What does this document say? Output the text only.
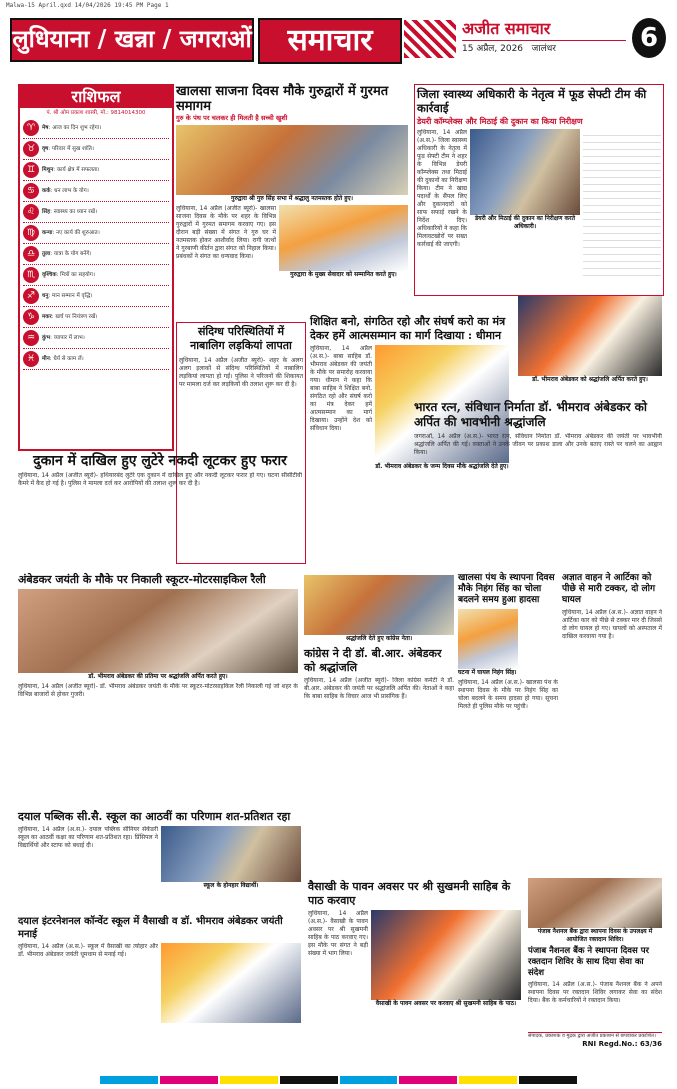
Malwa-15 April.qxd 14/04/2026 19:45 PM Page 1
लुधियाना / खन्ना / जगराओं	समाचार	अजीत समाचार
15 अप्रैल, 2026 जालंधर	6
राशिफल
पं. श्री ओम प्रकाश शास्त्री, मो.: 9814014300
♈	मेष: आज का दिन शुभ रहेगा।
♉	वृष: परिवार में सुख शांति।
♊	मिथुन: कार्य क्षेत्र में सफलता।
♋	कर्क: धन लाभ के योग।
♌	सिंह: स्वास्थ्य का ध्यान रखें।
♍	कन्या: नए कार्य की शुरुआत।
♎	तुला: यात्रा के योग बनेंगे।
♏	वृश्चिक: मित्रों का सहयोग।
♐	धनु: मान सम्मान में वृद्धि।
♑	मकर: खर्च पर नियंत्रण रखें।
♒	कुंभ: व्यापार में लाभ।
♓	मीन: धैर्य से काम लें।
खालसा साजना दिवस मौके गुरुद्वारों में गुरमत समागम
गुरु के पंथ पर चलकर ही मिलती है सच्ची खुशी
गुरुद्वारा श्री गुरु सिंह सभा में श्रद्धालु नतमस्तक होते हुए।
लुधियाना, 14 अप्रैल (अजीत ब्यूरो)- खालसा साजना दिवस के मौके पर शहर के विभिन्न गुरुद्वारों में गुरमत समागम करवाए गए। इस दौरान बड़ी संख्या में संगत ने गुरु घर में नतमस्तक होकर आशीर्वाद लिया। रागी जत्थों ने गुरबाणी कीर्तन द्वारा संगत को निहाल किया। प्रबंधकों ने संगत का धन्यवाद किया।
गुरुद्वारा के मुख्य सेवादार को सम्मानित करते हुए।
जिला स्वास्थ्य अधिकारी के नेतृत्व में फूड सेफ्टी टीम की कार्रवाई
डेयरी कॉम्प्लेक्स और मिठाई की दुकान का किया निरीक्षण
लुधियाना, 14 अप्रैल (अ.स.)- जिला स्वास्थ्य अधिकारी के नेतृत्व में फूड सेफ्टी टीम ने शहर के विभिन्न डेयरी कॉम्प्लेक्स तथा मिठाई की दुकानों का निरीक्षण किया। टीम ने खाद्य पदार्थों के सैंपल लिए और दुकानदारों को साफ सफाई रखने के निर्देश दिए। अधिकारियों ने कहा कि मिलावटखोरों पर सख्त कार्रवाई की जाएगी।
डेयरी और मिठाई की दुकान का निरीक्षण करते अधिकारी।
संदिग्ध परिस्थितियों में नाबालिग लड़कियां लापता
लुधियाना, 14 अप्रैल (अजीत ब्यूरो)- शहर के अलग अलग इलाकों से संदिग्ध परिस्थितियों में नाबालिग लड़कियां लापता हो गईं। पुलिस ने परिजनों की शिकायत पर मामला दर्ज कर लड़कियों की तलाश शुरू कर दी है।
शिक्षित बनो, संगठित रहो और संघर्ष करो का मंत्र देकर हमें आत्मसम्मान का मार्ग दिखाया : धीमान
लुधियाना, 14 अप्रैल (अ.स.)- बाबा साहिब डॉ. भीमराव अंबेडकर की जयंती के मौके पर समारोह करवाया गया। धीमान ने कहा कि बाबा साहिब ने शिक्षित बनो, संगठित रहो और संघर्ष करो का मंत्र देकर हमें आत्मसम्मान का मार्ग दिखाया। उन्होंने देश को संविधान दिया।
डॉ. भीमराव अंबेडकर के जन्म दिवस मौके श्रद्धांजलि देते हुए।
डॉ. भीमराव अंबेडकर को श्रद्धांजलि अर्पित करते हुए।
भारत रत्न, संविधान निर्माता डॉ. भीमराव अंबेडकर को अर्पित की भावभीनी श्रद्धांजलि
जगराओं, 14 अप्रैल (अ.स.)- भारत रत्न, संविधान निर्माता डॉ. भीमराव अंबेडकर की जयंती पर भावभीनी श्रद्धांजलि अर्पित की गई। वक्ताओं ने उनके जीवन पर प्रकाश डाला और उनके बताए रास्ते पर चलने का आह्वान किया।
दुकान में दाखिल हुए लुटेरे नकदी लूटकर हुए फरार
लुधियाना, 14 अप्रैल (अजीत ब्यूरो)- हथियारबंद लुटेरे एक दुकान में दाखिल हुए और नकदी लूटकर फरार हो गए। घटना सीसीटीवी कैमरे में कैद हो गई है। पुलिस ने मामला दर्ज कर आरोपियों की तलाश शुरू कर दी है।
अंबेडकर जयंती के मौके पर निकाली स्कूटर-मोटरसाइकिल रैली
डॉ. भीमराव अंबेडकर की प्रतिमा पर श्रद्धांजलि अर्पित करते हुए।
लुधियाना, 14 अप्रैल (अजीत ब्यूरो)- डॉ. भीमराव अंबेडकर जयंती के मौके पर स्कूटर-मोटरसाइकिल रैली निकाली गई जो शहर के विभिन्न बाजारों से होकर गुजरी।
श्रद्धांजलि देते हुए कांग्रेस नेता।
कांग्रेस ने दी डॉ. बी.आर. अंबेडकर को श्रद्धांजलि
लुधियाना, 14 अप्रैल (अजीत ब्यूरो)- जिला कांग्रेस कमेटी ने डॉ. बी.आर. अंबेडकर की जयंती पर श्रद्धांजलि अर्पित की। नेताओं ने कहा कि बाबा साहिब के विचार आज भी प्रासंगिक हैं।
खालसा पंथ के स्थापना दिवस मौके निहंग सिंह का चोला बदलने समय हुआ हादसा
घटना में घायल निहंग सिंह।
लुधियाना, 14 अप्रैल (अ.स.)- खालसा पंथ के स्थापना दिवस के मौके पर निहंग सिंह का चोला बदलने के समय हादसा हो गया। सूचना मिलते ही पुलिस मौके पर पहुंची।
अज्ञात वाहन ने आर्टिका को पीछे से मारी टक्कर, दो लोग घायल
लुधियाना, 14 अप्रैल (अ.स.)- अज्ञात वाहन ने आर्टिका कार को पीछे से टक्कर मार दी जिससे दो लोग घायल हो गए। घायलों को अस्पताल में दाखिल करवाया गया है।
दयाल पब्लिक सी.सै. स्कूल का आठवीं का परिणाम शत-प्रतिशत रहा
लुधियाना, 14 अप्रैल (अ.स.)- दयाल पब्लिक सीनियर सेकेंडरी स्कूल का आठवीं कक्षा का परिणाम शत-प्रतिशत रहा। प्रिंसिपल ने विद्यार्थियों और स्टाफ को बधाई दी।
स्कूल के होनहार विद्यार्थी।
दयाल इंटरनेशनल कॉन्वेंट स्कूल में वैसाखी व डॉ. भीमराव अंबेडकर जयंती मनाई
लुधियाना, 14 अप्रैल (अ.स.)- स्कूल में वैसाखी का त्योहार और डॉ. भीमराव अंबेडकर जयंती धूमधाम से मनाई गई।
वैसाखी के पावन अवसर पर श्री सुखमनी साहिब के पाठ करवाए
लुधियाना, 14 अप्रैल (अ.स.)- वैसाखी के पावन अवसर पर श्री सुखमनी साहिब के पाठ करवाए गए। इस मौके पर संगत ने बड़ी संख्या में भाग लिया।
वैसाखी के पावन अवसर पर करवाए श्री सुखमनी साहिब के पाठ।
पंजाब नैशनल बैंक द्वारा स्थापना दिवस के उपलक्ष्य में आयोजित रक्तदान शिविर।
पंजाब नैशनल बैंक ने स्थापना दिवस पर रक्तदान शिविर के साथ दिया सेवा का संदेश
लुधियाना, 14 अप्रैल (अ.स.)- पंजाब नैशनल बैंक ने अपने स्थापना दिवस पर रक्तदान शिविर लगाकर सेवा का संदेश दिया। बैंक के कर्मचारियों ने रक्तदान किया।
संपादक, प्रकाशक व मुद्रक द्वारा अजीत प्रकाशन से छपवाकर प्रकाशित।
RNI Regd.No.: 63/36
